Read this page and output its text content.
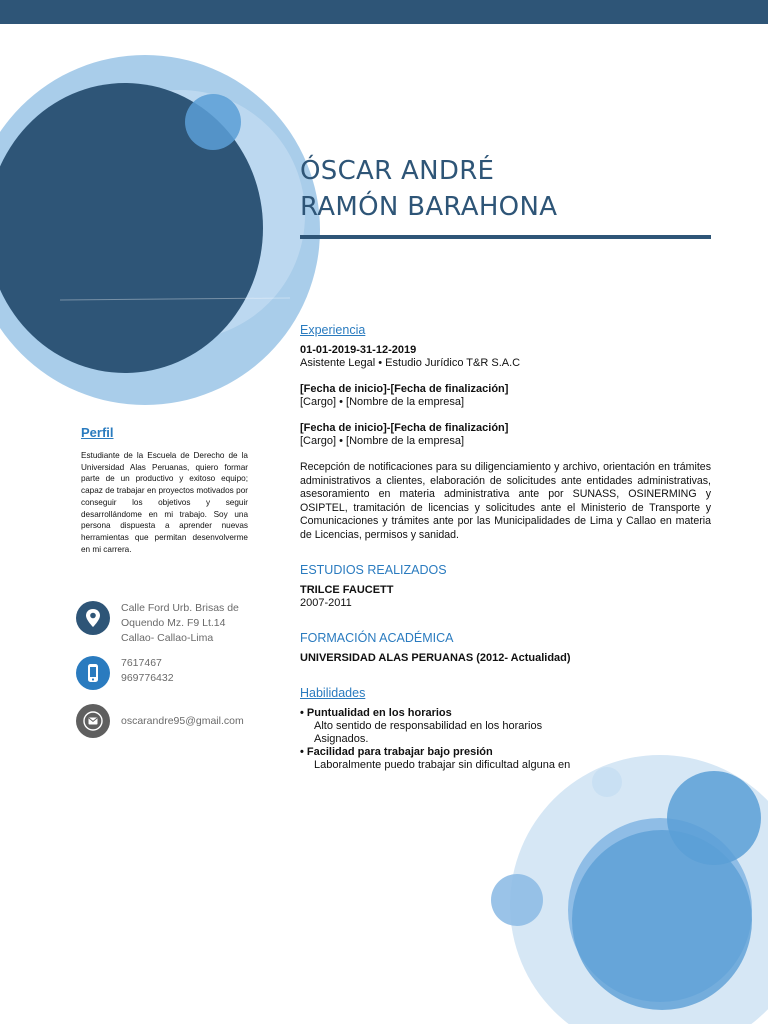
ÓSCAR ANDRÉ
RAMÓN BARAHONA
Experiencia
01-01-2019-31-12-2019
Asistente Legal • Estudio Jurídico T&R S.A.C
[Fecha de inicio]-[Fecha de finalización]
[Cargo] • [Nombre de la empresa]
[Fecha de inicio]-[Fecha de finalización]
[Cargo] • [Nombre de la empresa]
Recepción de notificaciones para su diligenciamiento y archivo, orientación en trámites administrativos a clientes, elaboración de solicitudes ante entidades administrativas, asesoramiento en materia administrativa ante por SUNASS, OSINERMING y OSIPTEL, tramitación de licencias y solicitudes ante el Ministerio de Transporte y Comunicaciones y trámites ante por las Municipalidades de Lima y Callao en materia de Licencias, permisos y sanidad.
ESTUDIOS REALIZADOS
TRILCE FAUCETT
2007-2011
FORMACIÓN ACADÉMICA
UNIVERSIDAD ALAS PERUANAS (2012- Actualidad)
Habilidades
• Puntualidad en los horarios
Alto sentido de responsabilidad en los horarios
Asignados.
• Facilidad para trabajar bajo presión
Laboralmente puedo trabajar sin dificultad alguna en
Perfil
Estudiante de la Escuela de Derecho de la Universidad Alas Peruanas, quiero formar parte de un productivo y exitoso equipo; capaz de trabajar en proyectos motivados por conseguir los objetivos y seguir desarrollándome en mi trabajo. Soy una persona dispuesta a aprender nuevas herramientas que permitan desenvolverme en mi carrera.
Calle Ford Urb. Brisas de
Oquendo Mz. F9 Lt.14
Callao- Callao-Lima
7617467
969776432
oscarandre95@gmail.com
